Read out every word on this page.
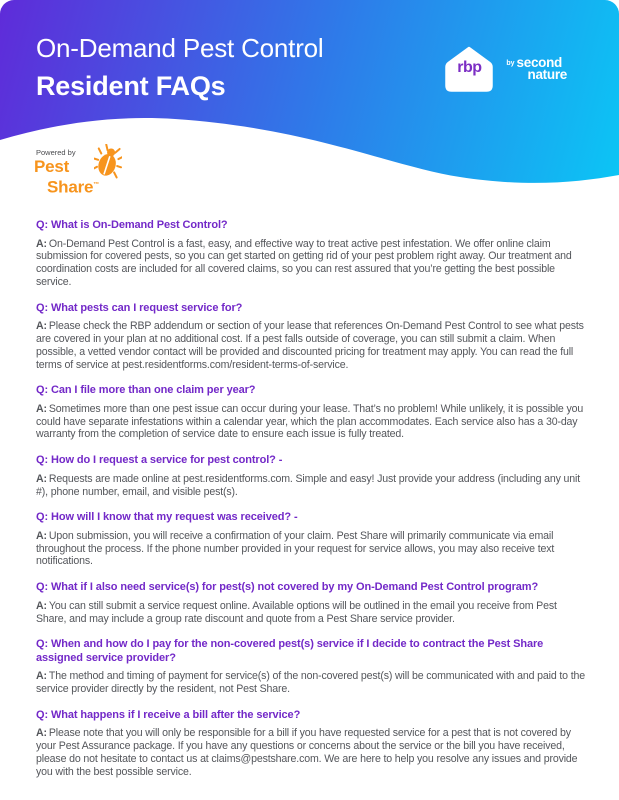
On-Demand Pest Control
Resident FAQs
rbp	by second
nature
Powered by
Pest
Share™
Q: What is On-Demand Pest Control?

A: On-Demand Pest Control is a fast, easy, and effective way to treat active pest infestation. We offer online claim submission for covered pests, so you can get started on getting rid of your pest problem right away. Our treatment and coordination costs are included for all covered claims, so you can rest assured that you’re getting the best possible service.

Q: What pests can I request service for?

A: Please check the RBP addendum or section of your lease that references On-Demand Pest Control to see what pests are covered in your plan at no additional cost. If a pest falls outside of coverage, you can still submit a claim. When possible, a vetted vendor contact will be provided and discounted pricing for treatment may apply. You can read the full terms of service at pest.residentforms.com/resident-terms-of-service.

Q: Can I file more than one claim per year?

A: Sometimes more than one pest issue can occur during your lease. That’s no problem! While unlikely, it is possible you could have separate infestations within a calendar year, which the plan accommodates. Each service also has a 30-day warranty from the completion of service date to ensure each issue is fully treated.

Q: How do I request a service for pest control? -

A: Requests are made online at pest.residentforms.com. Simple and easy! Just provide your address (including any unit #), phone number, email, and visible pest(s).

Q: How will I know that my request was received? -

A: Upon submission, you will receive a confirmation of your claim. Pest Share will primarily communicate via email throughout the process. If the phone number provided in your request for service allows, you may also receive text notifications.

Q: What if I also need service(s) for pest(s) not covered by my On-Demand Pest Control program?

A: You can still submit a service request online. Available options will be outlined in the email you receive from Pest Share, and may include a group rate discount and quote from a Pest Share service provider.

Q: When and how do I pay for the non-covered pest(s) service if I decide to contract the Pest Share assigned service provider?

A: The method and timing of payment for service(s) of the non-covered pest(s) will be communicated with and paid to the service provider directly by the resident, not Pest Share.

Q: What happens if I receive a bill after the service?

A: Please note that you will only be responsible for a bill if you have requested service for a pest that is not covered by your Pest Assurance package. If you have any questions or concerns about the service or the bill you have received, please do not hesitate to contact us at claims@pestshare.com. We are here to help you resolve any issues and provide you with the best possible service.
